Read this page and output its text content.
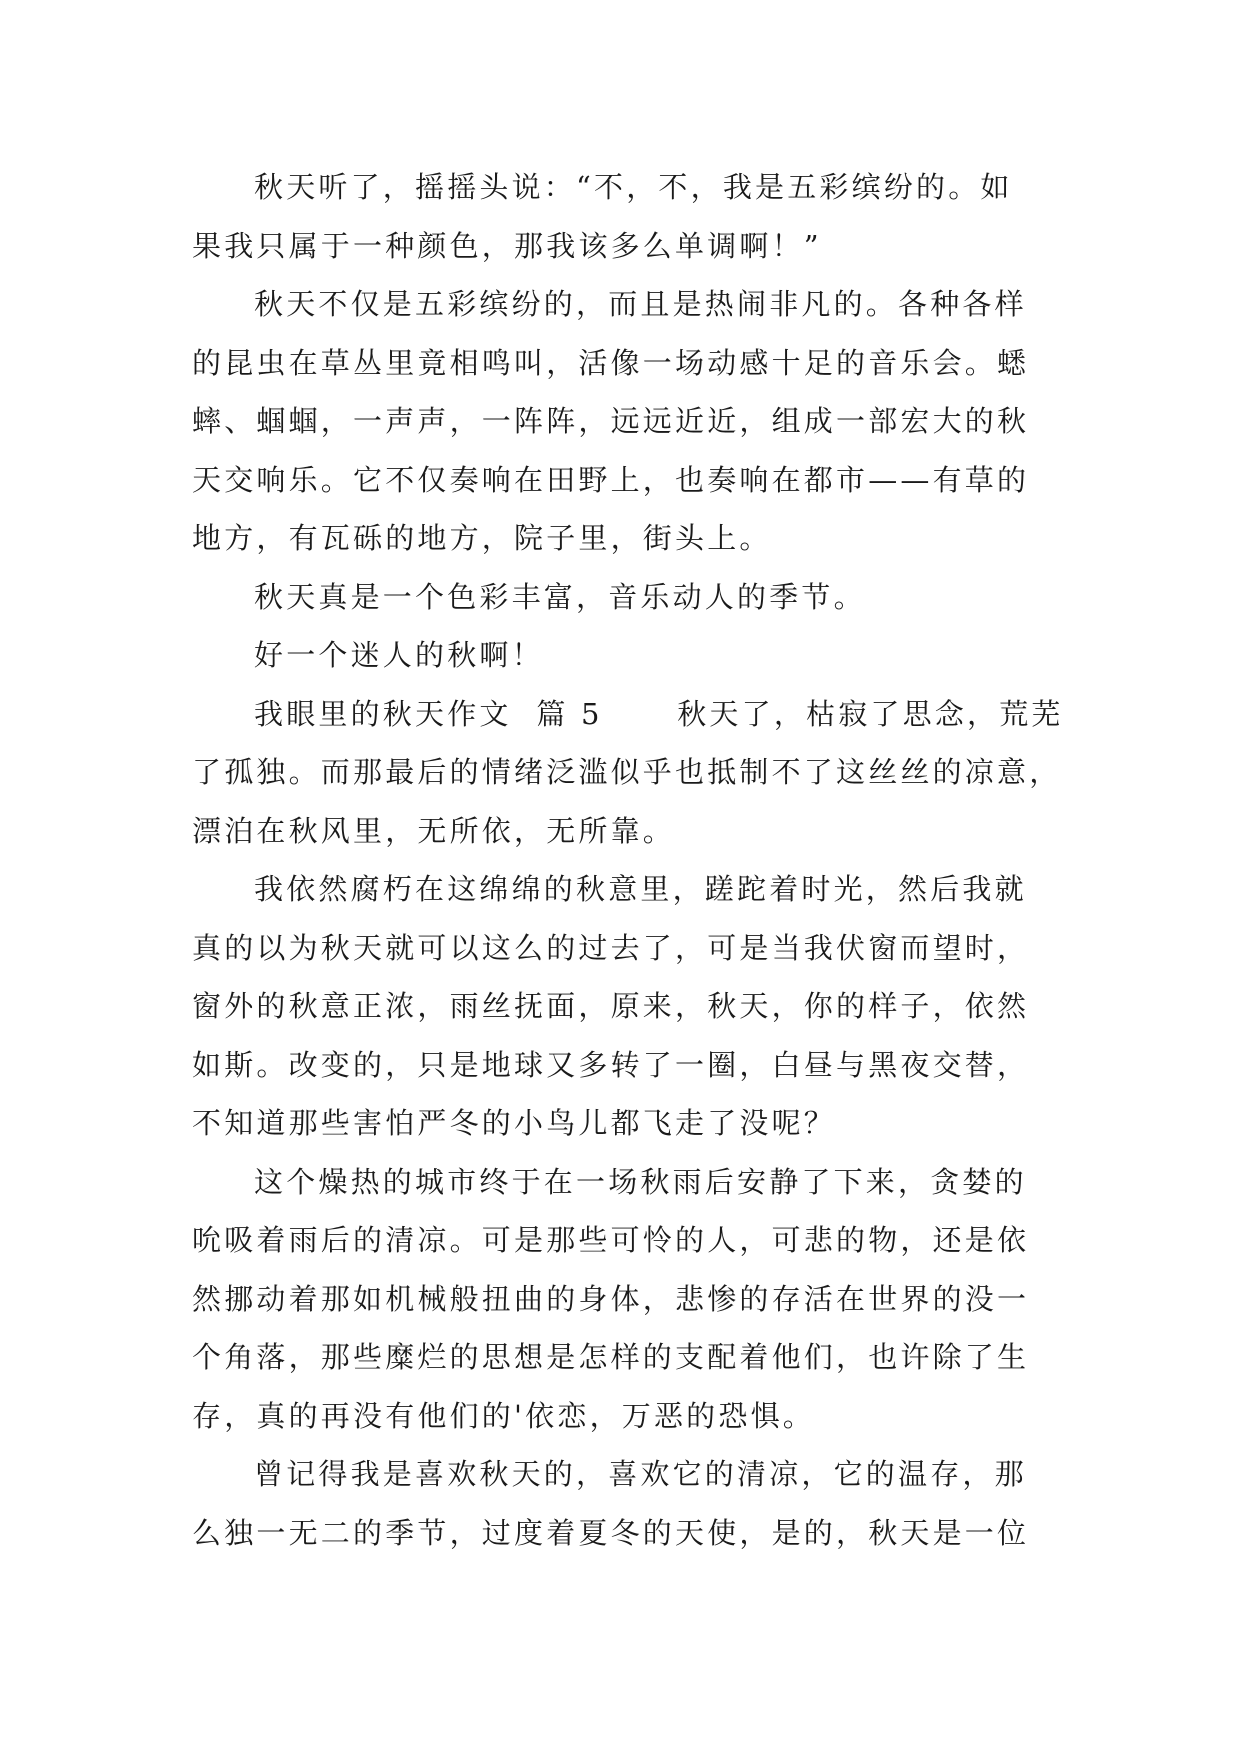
秋天听了，摇摇头说：“不，不，我是五彩缤纷的。如
果我只属于一种颜色，那我该多么单调啊！”
秋天不仅是五彩缤纷的，而且是热闹非凡的。各种各样
的昆虫在草丛里竟相鸣叫，活像一场动感十足的音乐会。蟋
蟀、蝈蝈，一声声，一阵阵，远远近近，组成一部宏大的秋
天交响乐。它不仅奏响在田野上，也奏响在都市——有草的
地方，有瓦砾的地方，院子里，街头上。
秋天真是一个色彩丰富，音乐动人的季节。
好一个迷人的秋啊！
我眼里的秋天作文  篇 5      秋天了，枯寂了思念，荒芜
了孤独。而那最后的情绪泛滥似乎也抵制不了这丝丝的凉意，
漂泊在秋风里，无所依，无所靠。
我依然腐朽在这绵绵的秋意里，蹉跎着时光，然后我就
真的以为秋天就可以这么的过去了，可是当我伏窗而望时，
窗外的秋意正浓，雨丝抚面，原来，秋天，你的样子，依然
如斯。改变的，只是地球又多转了一圈，白昼与黑夜交替，
不知道那些害怕严冬的小鸟儿都飞走了没呢？
这个燥热的城市终于在一场秋雨后安静了下来，贪婪的
吮吸着雨后的清凉。可是那些可怜的人，可悲的物，还是依
然挪动着那如机械般扭曲的身体，悲惨的存活在世界的没一
个角落，那些糜烂的思想是怎样的支配着他们，也许除了生
存，真的再没有他们的'依恋，万恶的恐惧。
曾记得我是喜欢秋天的，喜欢它的清凉，它的温存，那
么独一无二的季节，过度着夏冬的天使，是的，秋天是一位
